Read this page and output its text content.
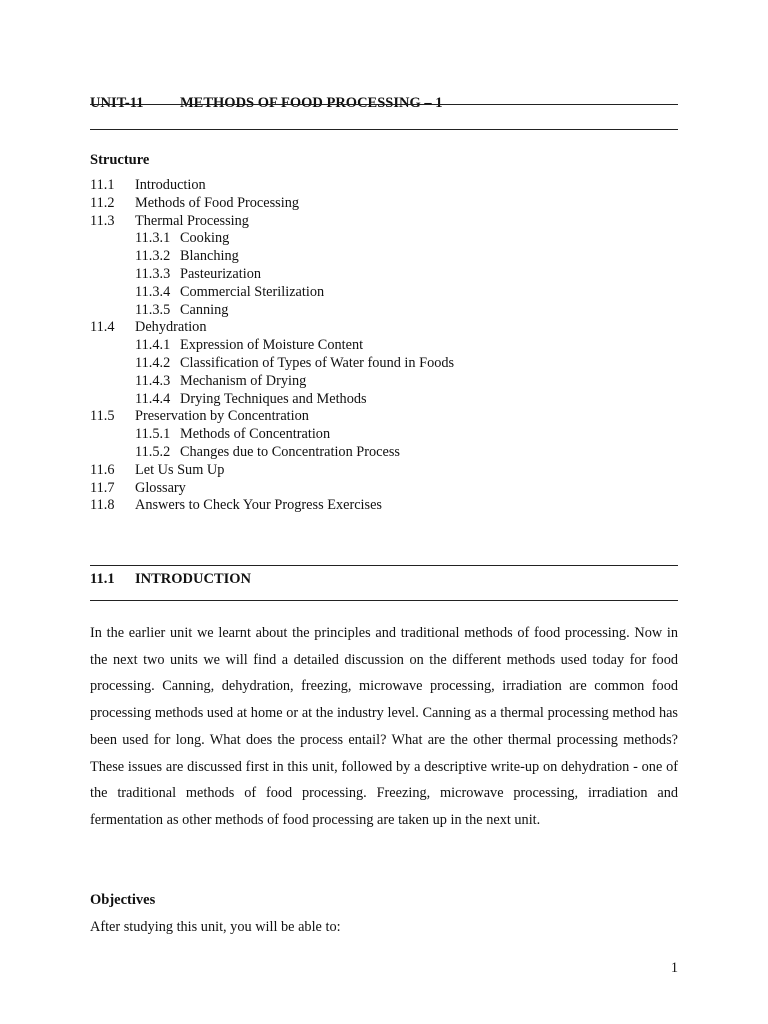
UNIT-11	METHODS OF FOOD PROCESSING – 1
Structure
11.1 Introduction
11.2 Methods of Food Processing
11.3 Thermal Processing
11.3.1 Cooking
11.3.2 Blanching
11.3.3 Pasteurization
11.3.4 Commercial Sterilization
11.3.5 Canning
11.4 Dehydration
11.4.1 Expression of Moisture Content
11.4.2 Classification of Types of Water found in Foods
11.4.3 Mechanism of Drying
11.4.4 Drying Techniques and Methods
11.5 Preservation by Concentration
11.5.1 Methods of Concentration
11.5.2 Changes due to Concentration Process
11.6 Let Us Sum Up
11.7 Glossary
11.8 Answers to Check Your Progress Exercises
11.1 INTRODUCTION

In the earlier unit we learnt about the principles and traditional methods of food processing. Now in the next two units we will find a detailed discussion on the different methods used today for food processing. Canning, dehydration, freezing, microwave processing, irradiation are common food processing methods used at home or at the industry level. Canning as a thermal processing method has been used for long. What does the process entail? What are the other thermal processing methods? These issues are discussed first in this unit, followed by a descriptive write-up on dehydration - one of the traditional methods of food processing. Freezing, microwave processing, irradiation and fermentation as other methods of food processing are taken up in the next unit.

Objectives
After studying this unit, you will be able to:
1
